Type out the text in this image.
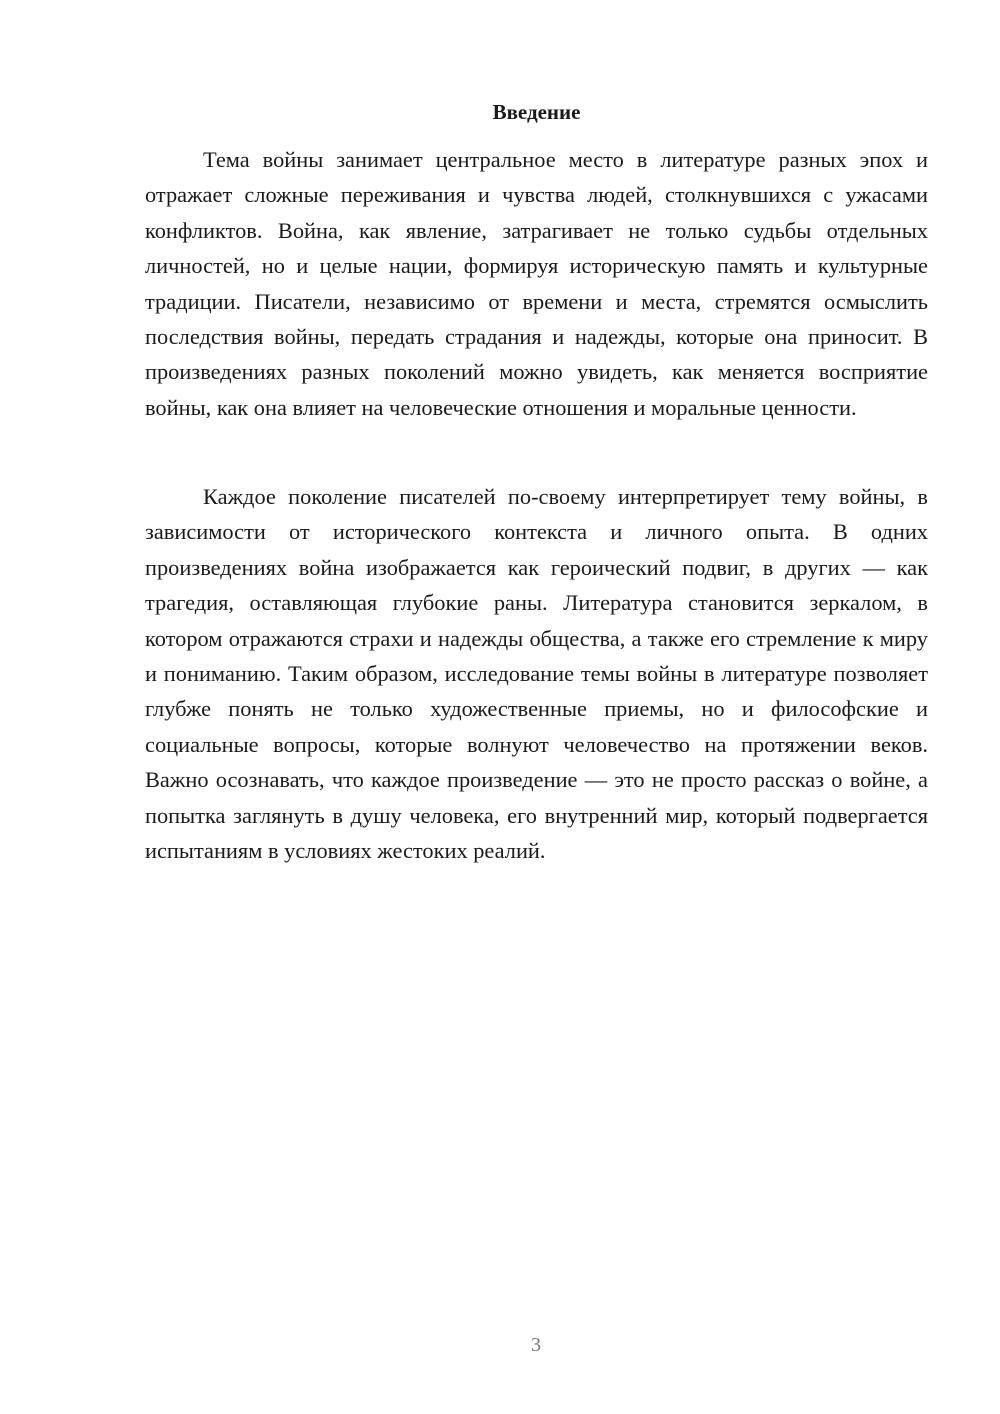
Введение

Тема войны занимает центральное место в литературе разных эпох и отражает сложные переживания и чувства людей, столкнувшихся с ужасами конфликтов. Война, как явление, затрагивает не только судьбы отдельных личностей, но и целые нации, формируя историческую память и культурные традиции. Писатели, независимо от времени и места, стремятся осмыслить последствия войны, передать страдания и надежды, которые она приносит. В произведениях разных поколений можно увидеть, как меняется восприятие войны, как она влияет на человеческие отношения и моральные ценности.

Каждое поколение писателей по-своему интерпретирует тему войны, в зависимости от исторического контекста и личного опыта. В одних произведениях война изображается как героический подвиг, в других — как трагедия, оставляющая глубокие раны. Литература становится зеркалом, в котором отражаются страхи и надежды общества, а также его стремление к миру и пониманию. Таким образом, исследование темы войны в литературе позволяет глубже понять не только художественные приемы, но и философские и социальные вопросы, которые волнуют человечество на протяжении веков. Важно осознавать, что каждое произведение — это не просто рассказ о войне, а попытка заглянуть в душу человека, его внутренний мир, который подвергается испытаниям в условиях жестоких реалий.

3
